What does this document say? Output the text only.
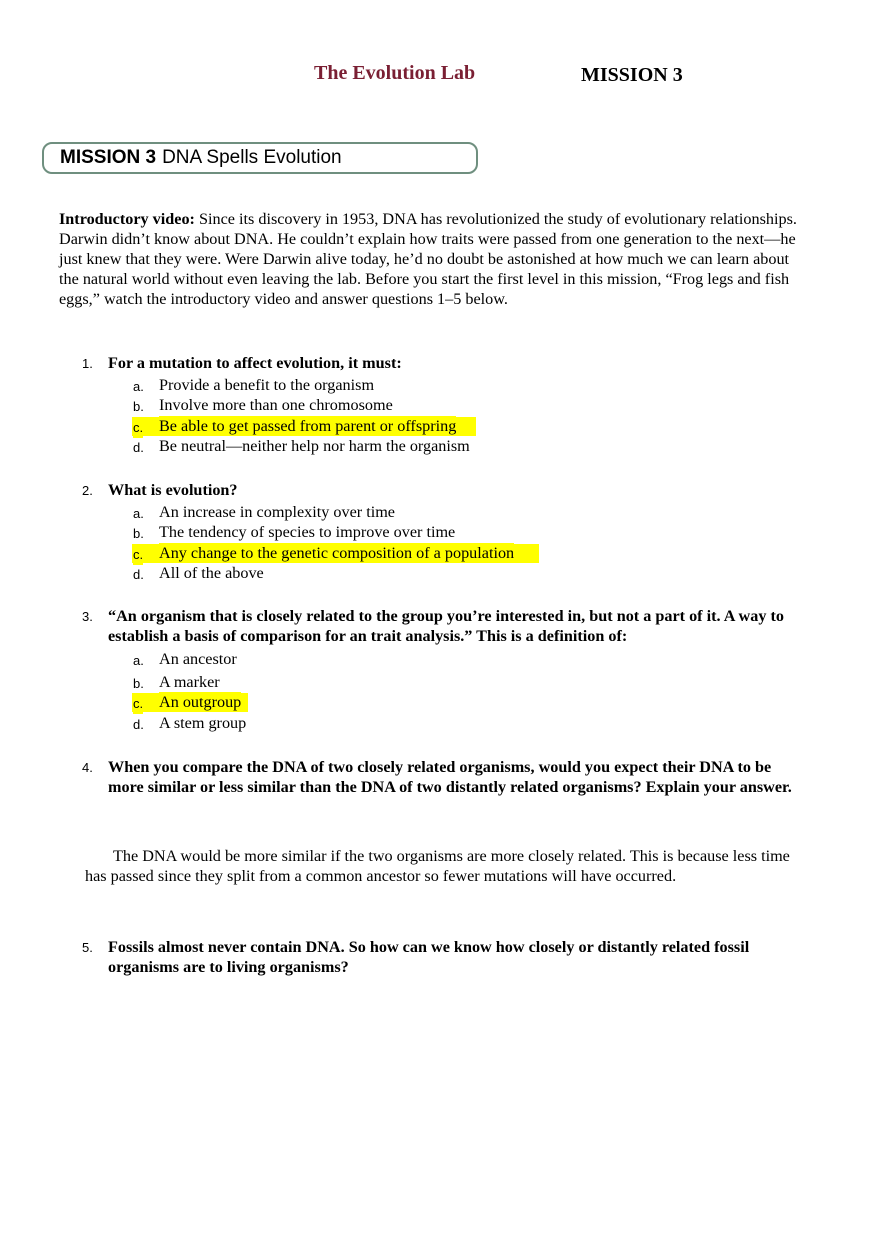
The Evolution Lab	MISSION 3
MISSION 3 DNA Spells Evolution
Introductory video: Since its discovery in 1953, DNA has revolutionized the study of evolutionary relationships. Darwin didn’t know about DNA. He couldn’t explain how traits were passed from one generation to the next—he just knew that they were. Were Darwin alive today, he’d no doubt be astonished at how much we can learn about the natural world without even leaving the lab. Before you start the first level in this mission, “Frog legs and fish eggs,” watch the introductory video and answer questions 1–5 below.
1. For a mutation to affect evolution, it must:
a. Provide a benefit to the organism
b. Involve more than one chromosome
c. Be able to get passed from parent or offspring
d. Be neutral—neither help nor harm the organism
2. What is evolution?
a. An increase in complexity over time
b. The tendency of species to improve over time
c. Any change to the genetic composition of a population
d. All of the above
3. “An organism that is closely related to the group you’re interested in, but not a part of it. A way to establish a basis of comparison for an trait analysis.” This is a definition of:
a. An ancestor
b. A marker
c. An outgroup
d. A stem group
4. When you compare the DNA of two closely related organisms, would you expect their DNA to be more similar or less similar than the DNA of two distantly related organisms? Explain your answer.
The DNA would be more similar if the two organisms are more closely related. This is because less time has passed since they split from a common ancestor so fewer mutations will have occurred.
5. Fossils almost never contain DNA. So how can we know how closely or distantly related fossil organisms are to living organisms?
